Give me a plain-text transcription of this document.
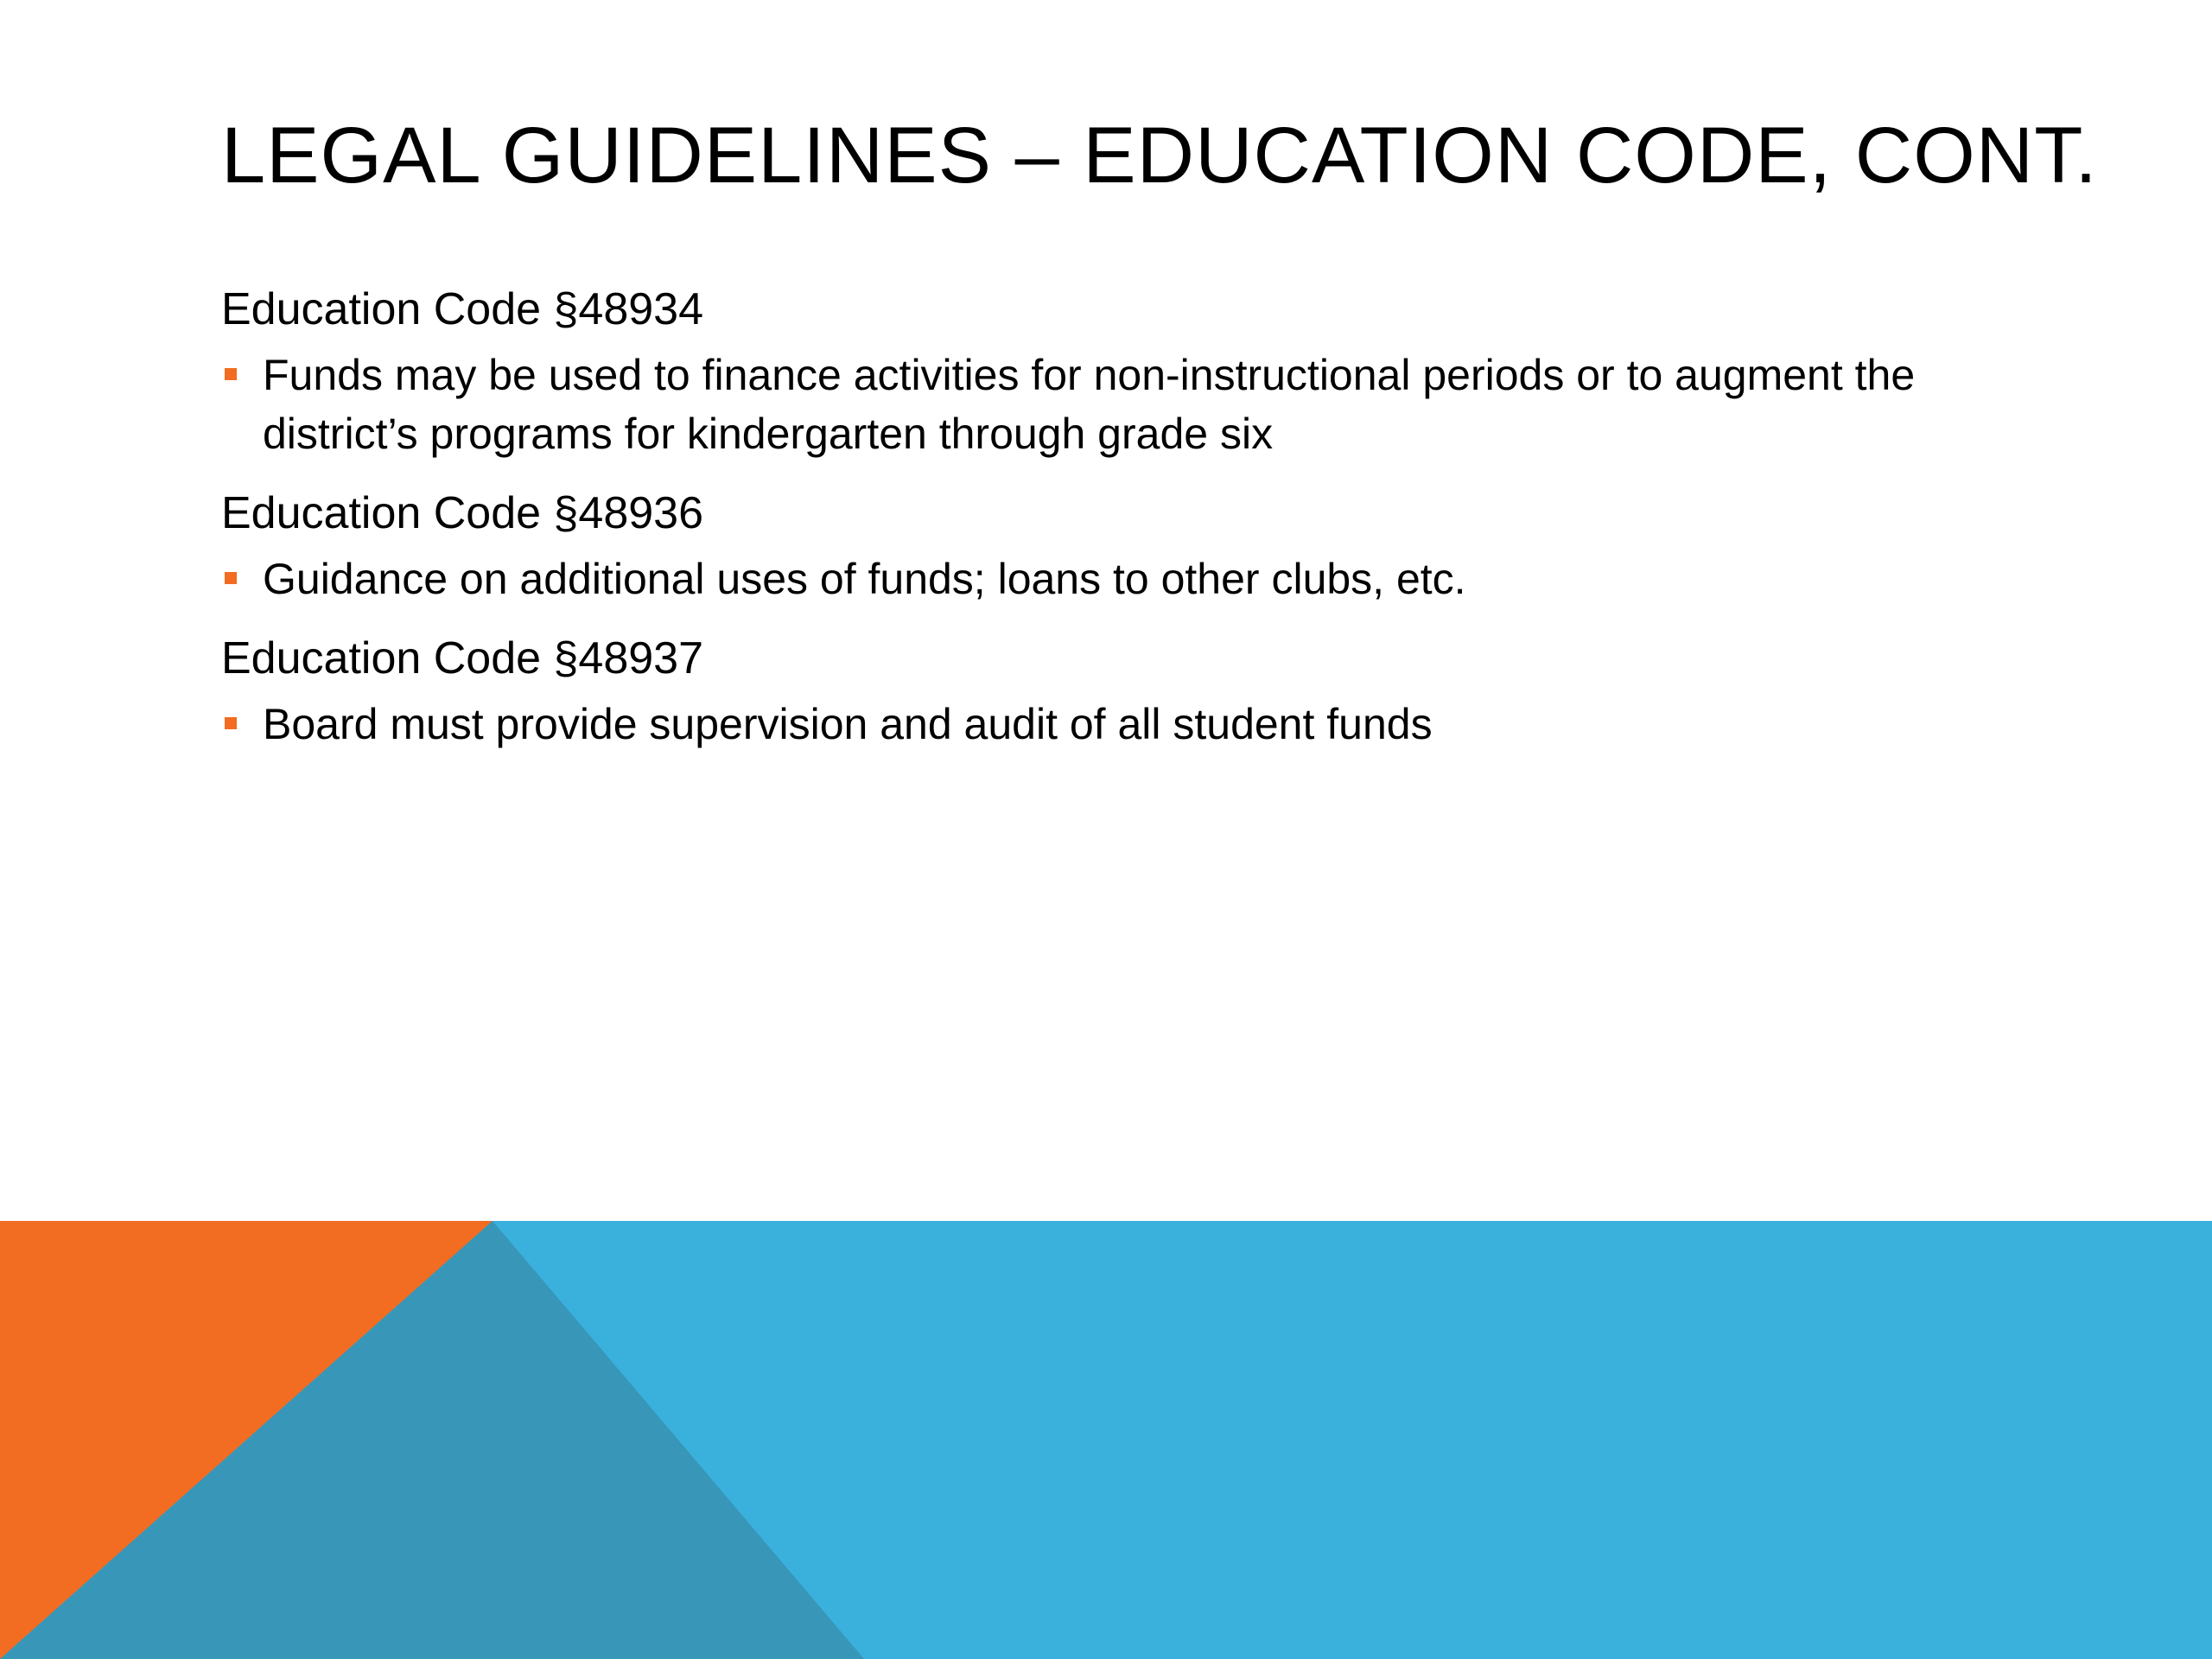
LEGAL GUIDELINES – EDUCATION CODE, CONT.

Education Code §48934

Funds may be used to finance activities for non-instructional periods or to augment the district’s programs for kindergarten through grade six

Education Code §48936

Guidance on additional uses of funds; loans to other clubs, etc.

Education Code §48937

Board must provide supervision and audit of all student funds
